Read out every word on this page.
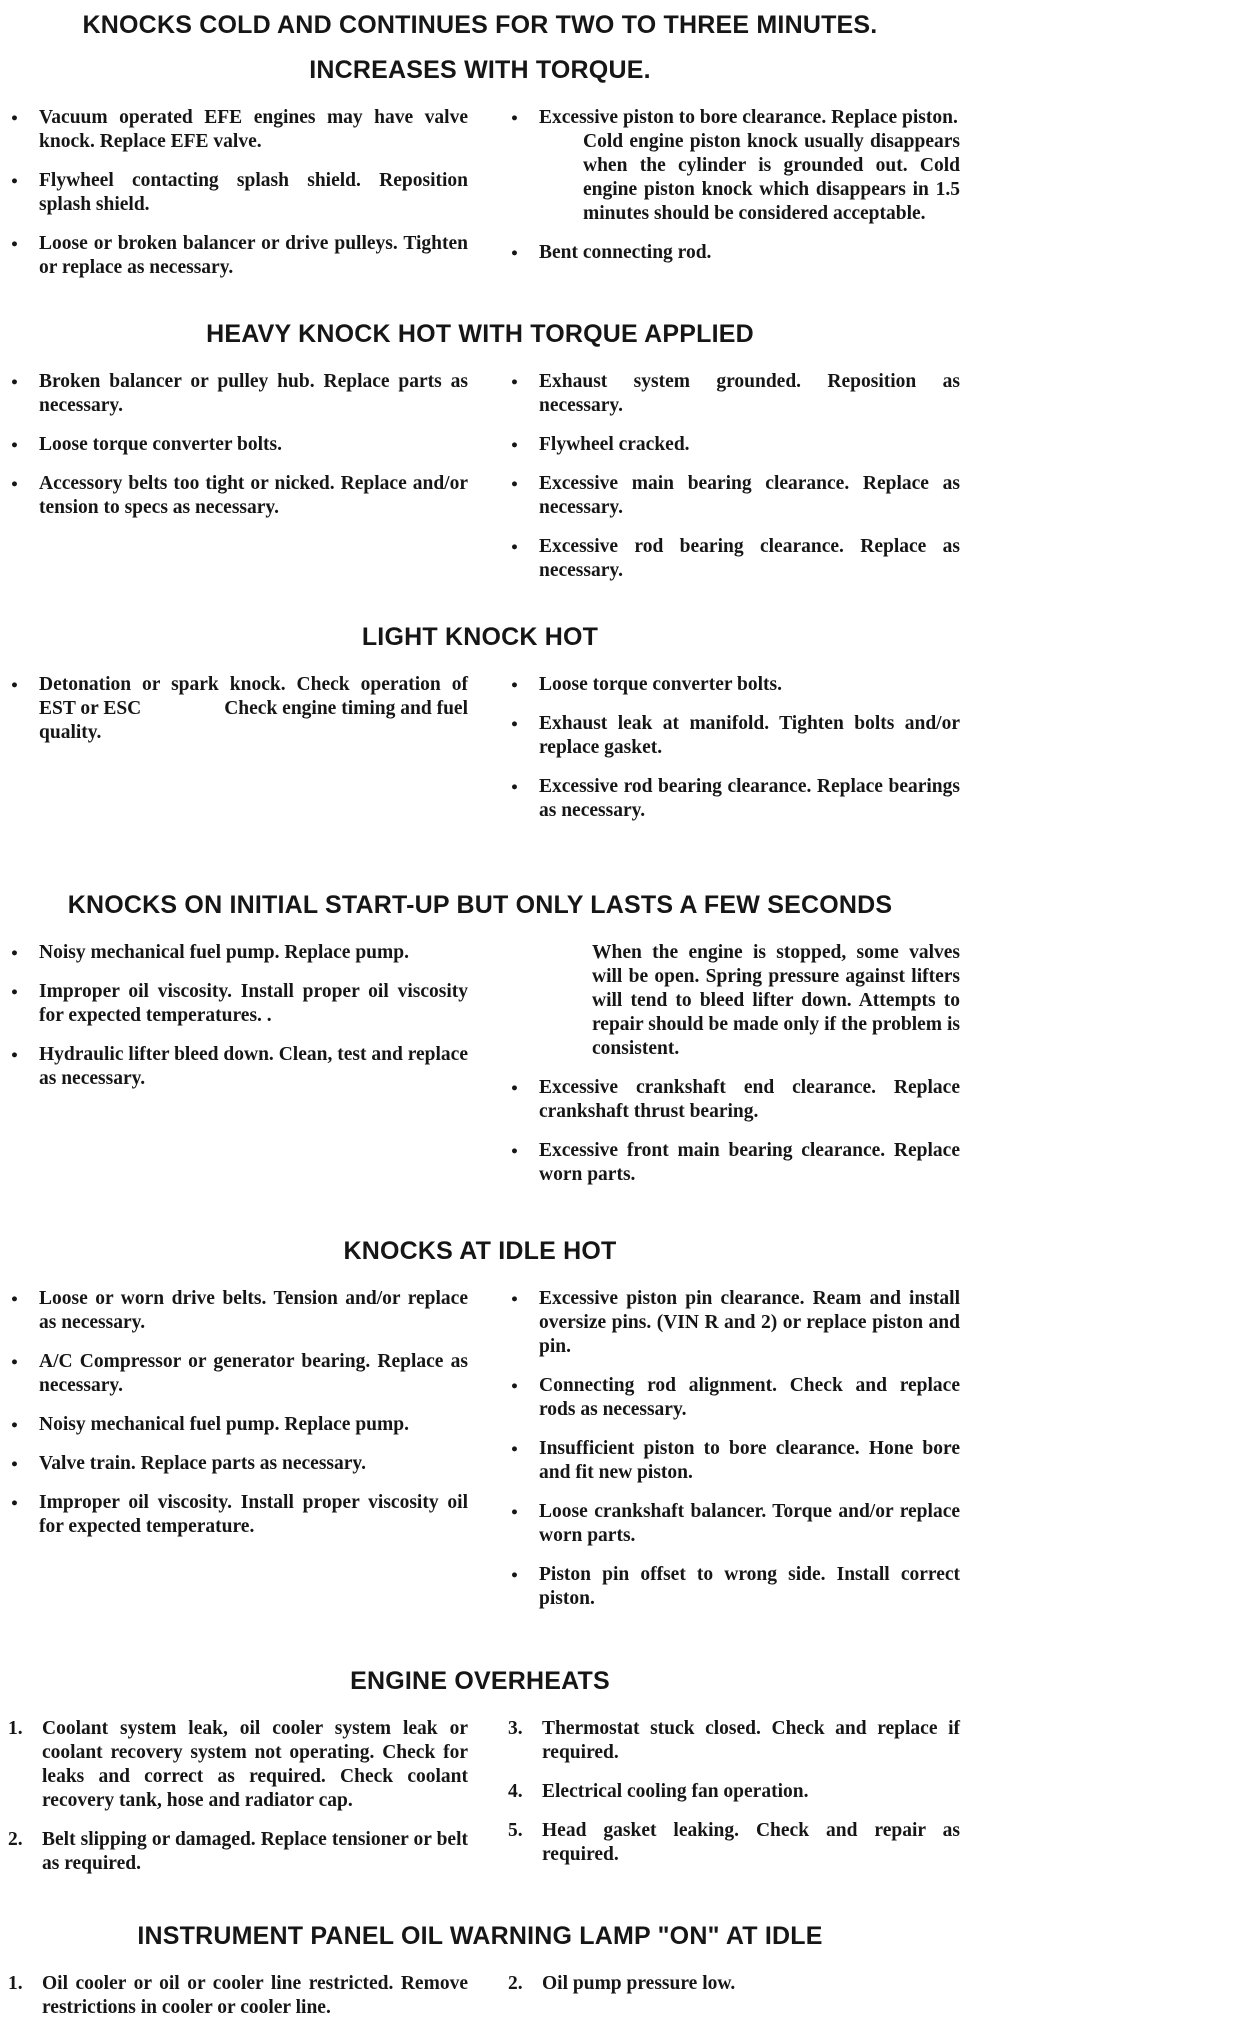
KNOCKS COLD AND CONTINUES FOR TWO TO THREE MINUTES.
INCREASES WITH TORQUE.
●	Vacuum operated EFE engines may have valve knock. Replace EFE valve.
●	Flywheel contacting splash shield. Reposition splash shield.
●	Loose or broken balancer or drive pulleys. Tighten or replace as necessary.
●	Excessive piston to bore clearance. Replace piston.
Cold engine piston knock usually disappears when the cylinder is grounded out. Cold engine piston knock which disappears in 1.5 minutes should be considered acceptable.
●	Bent connecting rod.
HEAVY KNOCK HOT WITH TORQUE APPLIED
●	Broken balancer or pulley hub. Replace parts as necessary.
●	Loose torque converter bolts.
●	Accessory belts too tight or nicked. Replace and/or tension to specs as necessary.
●	Exhaust system grounded. Reposition as necessary.
●	Flywheel cracked.
●	Excessive main bearing clearance. Replace as necessary.
●	Excessive rod bearing clearance. Replace as necessary.
LIGHT KNOCK HOT
●	Detonation or spark knock. Check operation of EST or ESC                 Check engine timing and fuel quality.
●	Loose torque converter bolts.
●	Exhaust leak at manifold. Tighten bolts and/or replace gasket.
●	Excessive rod bearing clearance. Replace bearings as necessary.
KNOCKS ON INITIAL START-UP BUT ONLY LASTS A FEW SECONDS
●	Noisy mechanical fuel pump. Replace pump.
●	Improper oil viscosity. Install proper oil viscosity for expected temperatures. .
●	Hydraulic lifter bleed down. Clean, test and replace as necessary.
When the engine is stopped, some valves will be open. Spring pressure against lifters will tend to bleed lifter down. Attempts to repair should be made only if the problem is consistent.
●	Excessive crankshaft end clearance. Replace crankshaft thrust bearing.
●	Excessive front main bearing clearance. Replace worn parts.
KNOCKS AT IDLE HOT
●	Loose or worn drive belts. Tension and/or replace as necessary.
●	A/C Compressor or generator bearing. Replace as necessary.
●	Noisy mechanical fuel pump. Replace pump.
●	Valve train. Replace parts as necessary.
●	Improper oil viscosity. Install proper viscosity oil for expected temperature.
●	Excessive piston pin clearance. Ream and install oversize pins. (VIN R and 2) or replace piston and pin.
●	Connecting rod alignment. Check and replace rods as necessary.
●	Insufficient piston to bore clearance. Hone bore and fit new piston.
●	Loose crankshaft balancer. Torque and/or replace worn parts.
●	Piston pin offset to wrong side. Install correct piston.
ENGINE OVERHEATS
1. Coolant system leak, oil cooler system leak or coolant recovery system not operating. Check for leaks and correct as required. Check coolant recovery tank, hose and radiator cap.
2. Belt slipping or damaged. Replace tensioner or belt as required.
3. Thermostat stuck closed. Check and replace if required.
4. Electrical cooling fan operation.
5. Head gasket leaking. Check and repair as required.
INSTRUMENT PANEL OIL WARNING LAMP "ON" AT IDLE
1. Oil cooler or oil or cooler line restricted. Remove restrictions in cooler or cooler line.
2. Oil pump pressure low.
